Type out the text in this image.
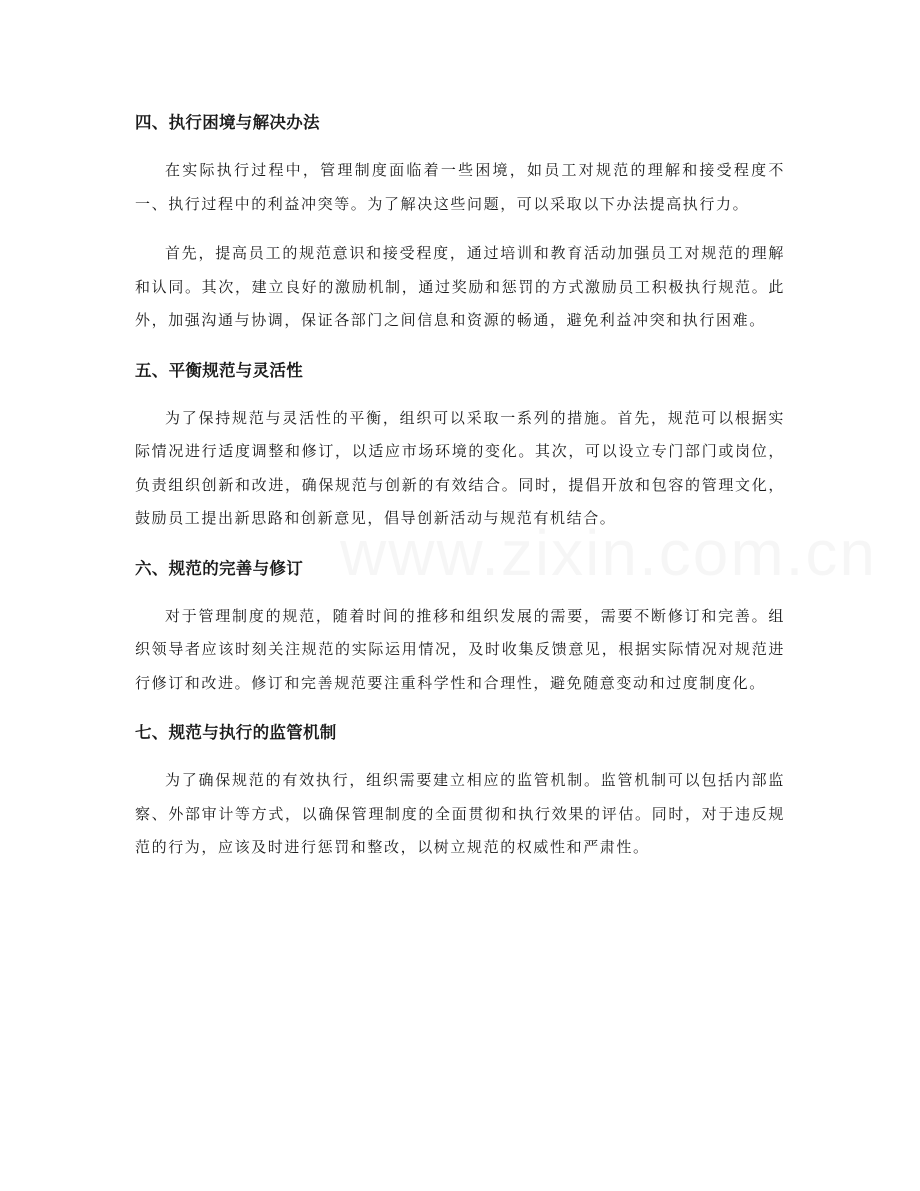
四、执行困境与解决办法

在实际执行过程中，管理制度面临着一些困境，如员工对规范的理解和接受程度不一、执行过程中的利益冲突等。为了解决这些问题，可以采取以下办法提高执行力。

首先，提高员工的规范意识和接受程度，通过培训和教育活动加强员工对规范的理解和认同。其次，建立良好的激励机制，通过奖励和惩罚的方式激励员工积极执行规范。此外，加强沟通与协调，保证各部门之间信息和资源的畅通，避免利益冲突和执行困难。

五、平衡规范与灵活性

为了保持规范与灵活性的平衡，组织可以采取一系列的措施。首先，规范可以根据实际情况进行适度调整和修订，以适应市场环境的变化。其次，可以设立专门部门或岗位，负责组织创新和改进，确保规范与创新的有效结合。同时，提倡开放和包容的管理文化，鼓励员工提出新思路和创新意见，倡导创新活动与规范有机结合。

六、规范的完善与修订

对于管理制度的规范，随着时间的推移和组织发展的需要，需要不断修订和完善。组织领导者应该时刻关注规范的实际运用情况，及时收集反馈意见，根据实际情况对规范进行修订和改进。修订和完善规范要注重科学性和合理性，避免随意变动和过度制度化。

七、规范与执行的监管机制

为了确保规范的有效执行，组织需要建立相应的监管机制。监管机制可以包括内部监察、外部审计等方式，以确保管理制度的全面贯彻和执行效果的评估。同时，对于违反规范的行为，应该及时进行惩罚和整改，以树立规范的权威性和严肃性。
